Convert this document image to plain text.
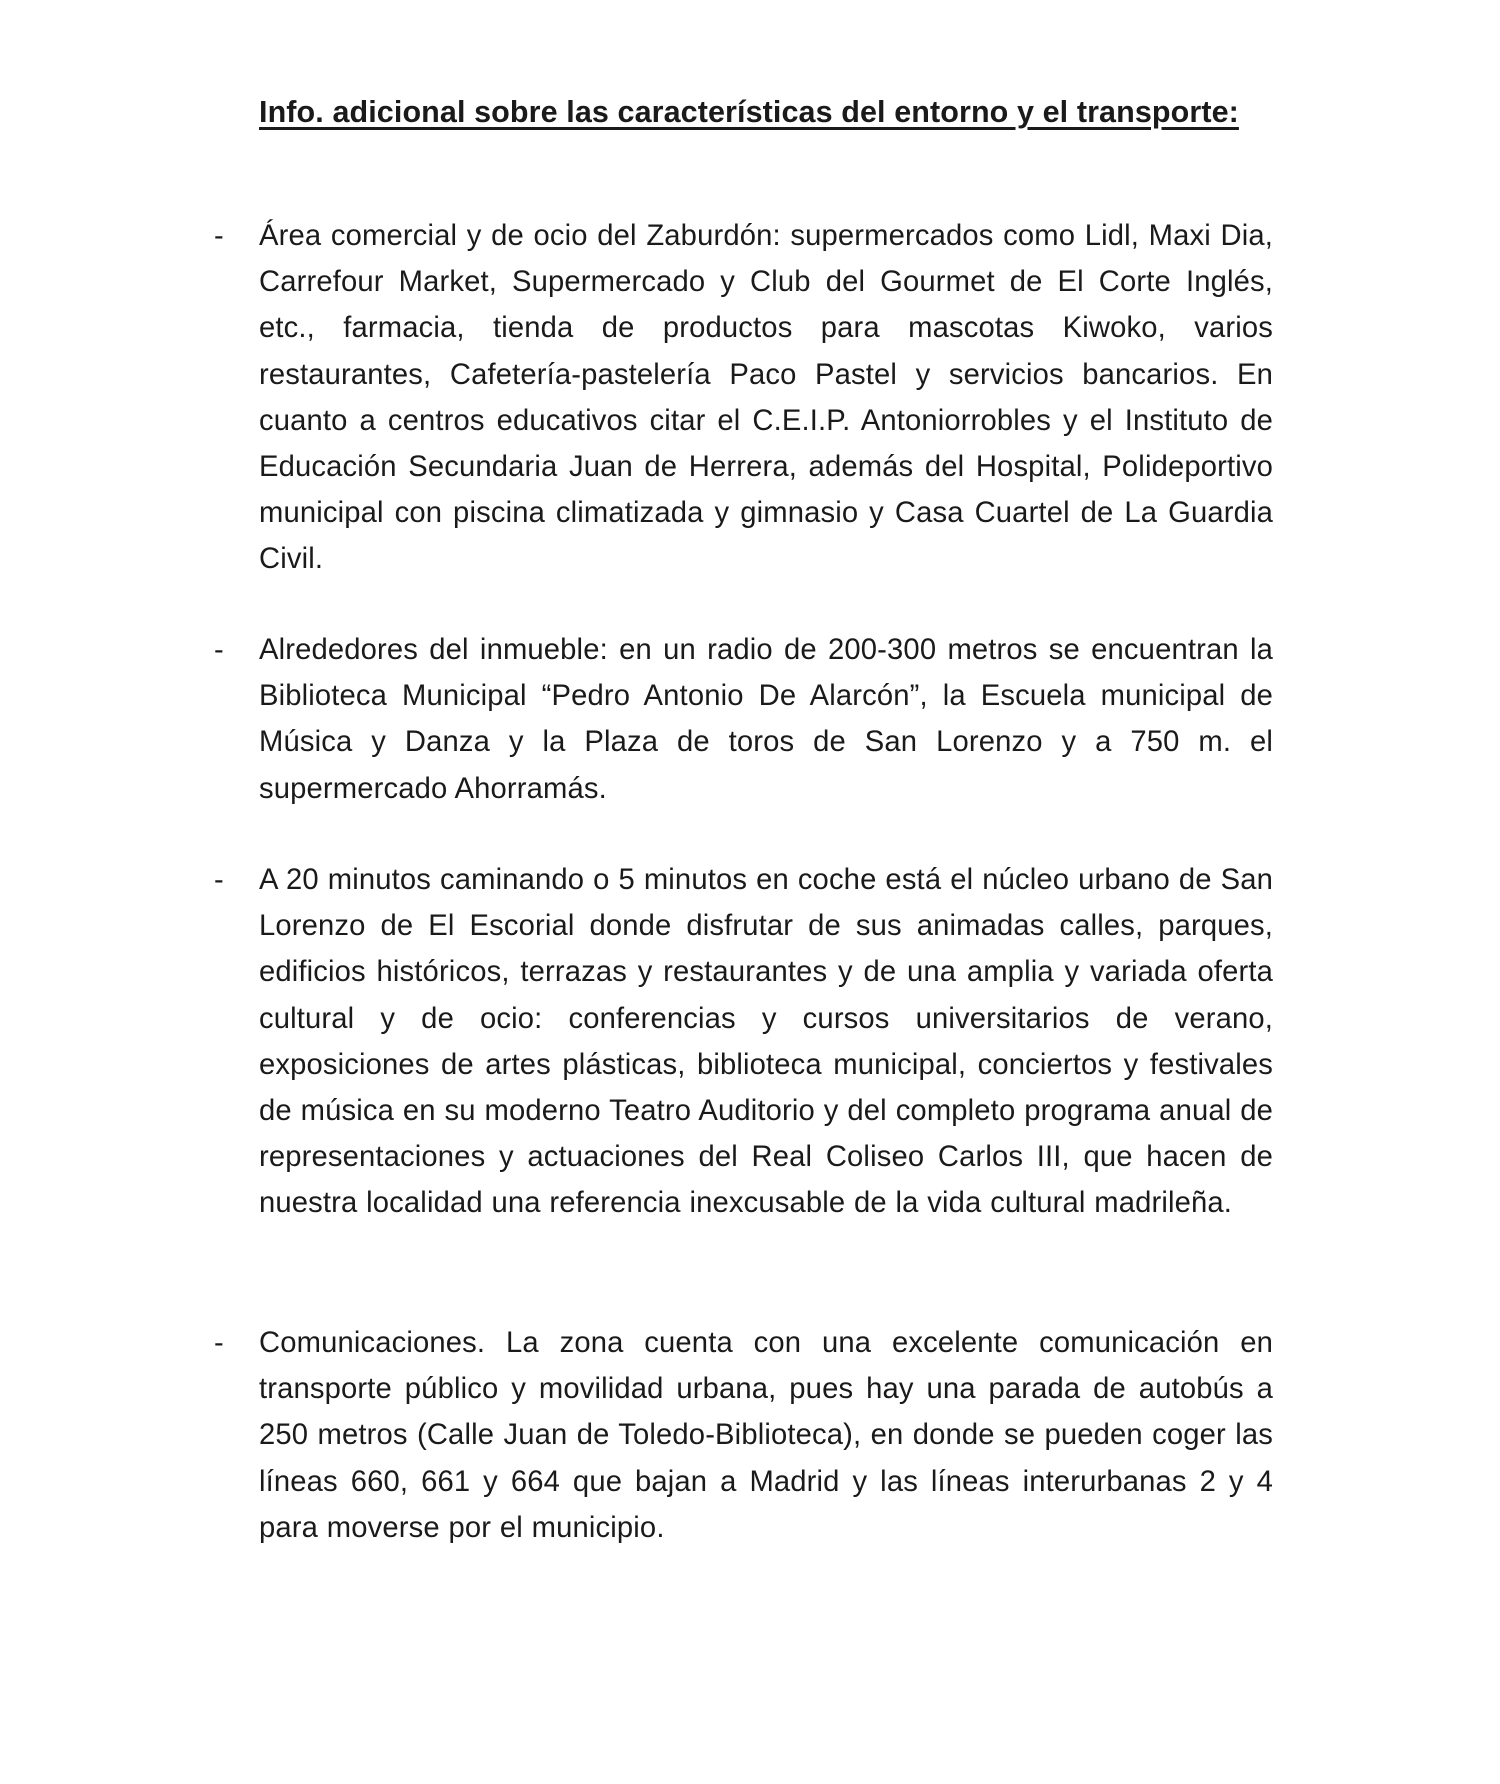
Info. adicional sobre las características del entorno y el transporte:
- Área comercial y de ocio del Zaburdón: supermercados como Lidl, Maxi Dia, Carrefour Market, Supermercado y Club del Gourmet de El Corte Inglés, etc., farmacia, tienda de productos para mascotas Kiwoko, varios restaurantes, Cafetería-pastelería Paco Pastel y servicios bancarios. En cuanto a centros educativos citar el C.E.I.P. Antoniorrobles y el Instituto de Educación Secundaria Juan de Herrera, además del Hospital, Polideportivo municipal con piscina climatizada y gimnasio y Casa Cuartel de La Guardia Civil.

- Alrededores del inmueble: en un radio de 200-300 metros se encuentran la Biblioteca Municipal “Pedro Antonio De Alarcón”, la Escuela municipal de Música y Danza y la Plaza de toros de San Lorenzo y a 750 m. el supermercado Ahorramás.

- A 20 minutos caminando o 5 minutos en coche está el núcleo urbano de San Lorenzo de El Escorial donde disfrutar de sus animadas calles, parques, edificios históricos, terrazas y restaurantes y de una amplia y variada oferta cultural y de ocio: conferencias y cursos universitarios de verano, exposiciones de artes plásticas, biblioteca municipal, conciertos y festivales de música en su moderno Teatro Auditorio y del completo programa anual de representaciones y actuaciones del Real Coliseo Carlos III, que hacen de nuestra localidad una referencia inexcusable de la vida cultural madrileña.

- Comunicaciones. La zona cuenta con una excelente comunicación en transporte público y movilidad urbana, pues hay una parada de autobús a 250 metros (Calle Juan de Toledo-Biblioteca), en donde se pueden coger las líneas 660, 661 y 664 que bajan a Madrid y las líneas interurbanas 2 y 4 para moverse por el municipio.
